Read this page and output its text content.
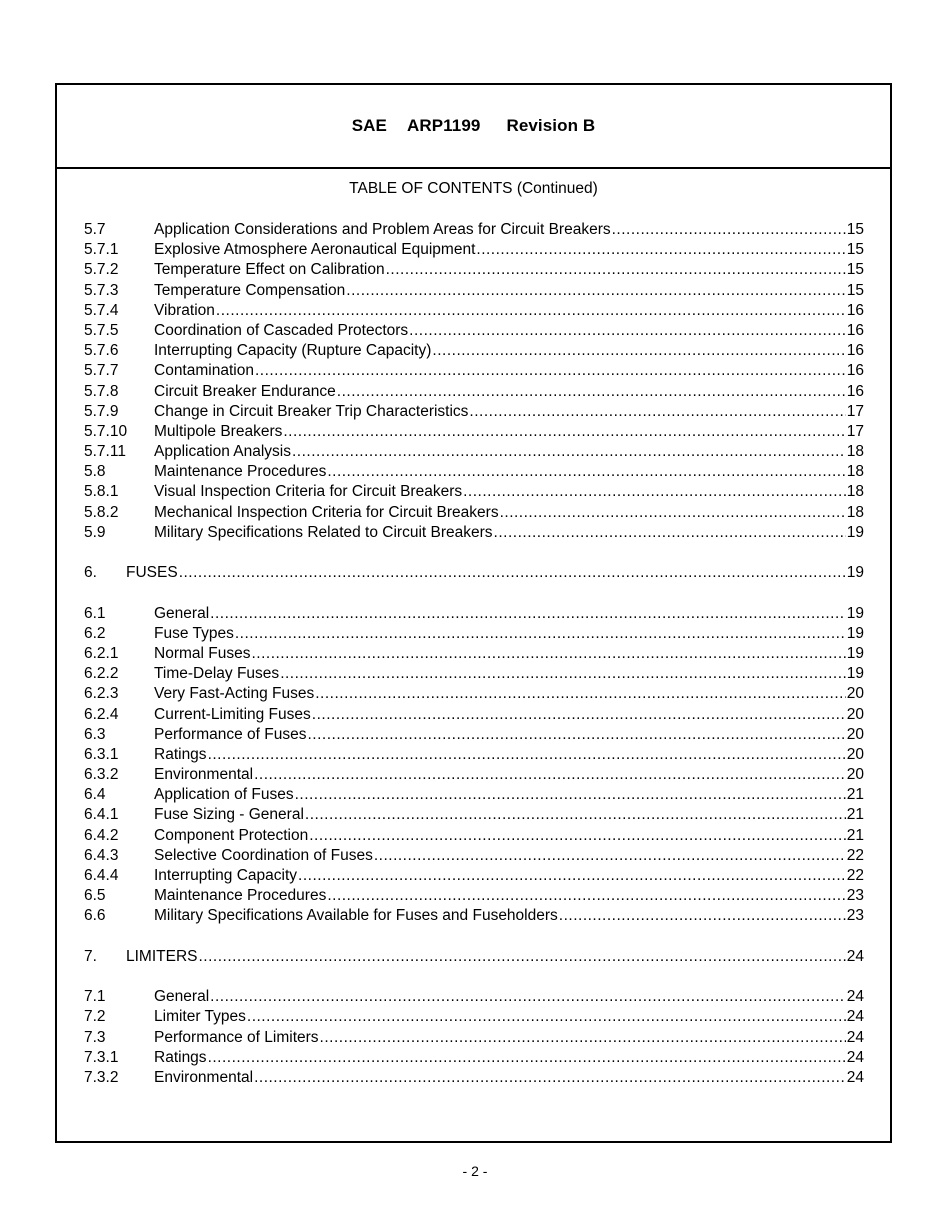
SAE ARP1199 Revision B
TABLE OF CONTENTS (Continued)
5.7	Application Considerations and Problem Areas for Circuit Breakers .....	15
5.7.1	Explosive Atmosphere Aeronautical Equipment .....	15
5.7.2	Temperature Effect on Calibration .....	15
5.7.3	Temperature Compensation .....	15
5.7.4	Vibration .....	16
5.7.5	Coordination of Cascaded Protectors .....	16
5.7.6	Interrupting Capacity (Rupture Capacity) .....	16
5.7.7	Contamination .....	16
5.7.8	Circuit Breaker Endurance .....	16
5.7.9	Change in Circuit Breaker Trip Characteristics .....	17
5.7.10	Multipole Breakers .....	17
5.7.11	Application Analysis .....	18
5.8	Maintenance Procedures .....	18
5.8.1	Visual Inspection Criteria for Circuit Breakers .....	18
5.8.2	Mechanical Inspection Criteria for Circuit Breakers .....	18
5.9	Military Specifications Related to Circuit Breakers .....	19
6.	FUSES .....	19
6.1	General .....	19
6.2	Fuse Types .....	19
6.2.1	Normal Fuses .....	19
6.2.2	Time-Delay Fuses .....	19
6.2.3	Very Fast-Acting Fuses .....	20
6.2.4	Current-Limiting Fuses .....	20
6.3	Performance of Fuses .....	20
6.3.1	Ratings .....	20
6.3.2	Environmental .....	20
6.4	Application of Fuses .....	21
6.4.1	Fuse Sizing - General .....	21
6.4.2	Component Protection .....	21
6.4.3	Selective Coordination of Fuses .....	22
6.4.4	Interrupting Capacity .....	22
6.5	Maintenance Procedures .....	23
6.6	Military Specifications Available for Fuses and Fuseholders .....	23
7.	LIMITERS .....	24
7.1	General .....	24
7.2	Limiter Types .....	24
7.3	Performance of Limiters .....	24
7.3.1	Ratings .....	24
7.3.2	Environmental .....	24
- 2 -
